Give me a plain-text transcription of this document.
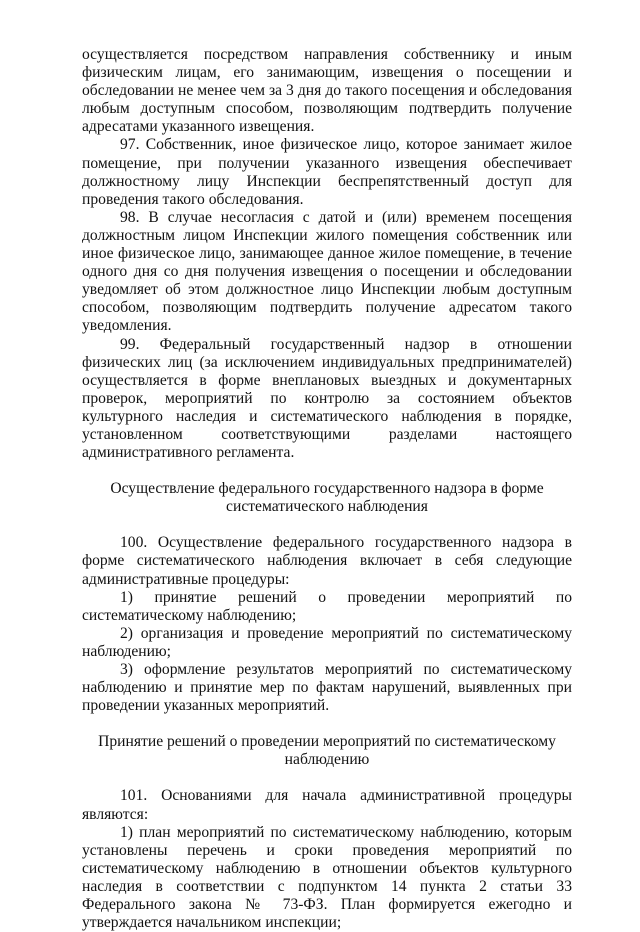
осуществляется посредством направления собственнику и иным физическим лицам, его занимающим, извещения о посещении и обследовании не менее чем за 3 дня до такого посещения и обследования любым доступным способом, позволяющим подтвердить получение адресатами указанного извещения.

97. Собственник, иное физическое лицо, которое занимает жилое помещение, при получении указанного извещения обеспечивает должностному лицу Инспекции беспрепятственный доступ для проведения такого обследования.

98. В случае несогласия с датой и (или) временем посещения должностным лицом Инспекции жилого помещения собственник или иное физическое лицо, занимающее данное жилое помещение, в течение одного дня со дня получения извещения о посещении и обследовании уведомляет об этом должностное лицо Инспекции любым доступным способом, позволяющим подтвердить получение адресатом такого уведомления.

99. Федеральный государственный надзор в отношении физических лиц (за исключением индивидуальных предпринимателей) осуществляется в форме внеплановых выездных и документарных проверок, мероприятий по контролю за состоянием объектов культурного наследия и систематического наблюдения в порядке, установленном соответствующими разделами настоящего административного регламента.

Осуществление федерального государственного надзора в форме систематического наблюдения

100. Осуществление федерального государственного надзора в форме систематического наблюдения включает в себя следующие административные процедуры:

1) принятие решений о проведении мероприятий по систематическому наблюдению;

2) организация и проведение мероприятий по систематическому наблюдению;

3) оформление результатов мероприятий по систематическому наблюдению и принятие мер по фактам нарушений, выявленных при проведении указанных мероприятий.

Принятие решений о проведении мероприятий по систематическому наблюдению

101. Основаниями для начала административной процедуры являются:

1) план мероприятий по систематическому наблюдению, которым установлены перечень и сроки проведения мероприятий по систематическому наблюдению в отношении объектов культурного наследия в соответствии с подпунктом 14 пункта 2 статьи 33 Федерального закона № 73-ФЗ. План формируется ежегодно и утверждается начальником инспекции;
